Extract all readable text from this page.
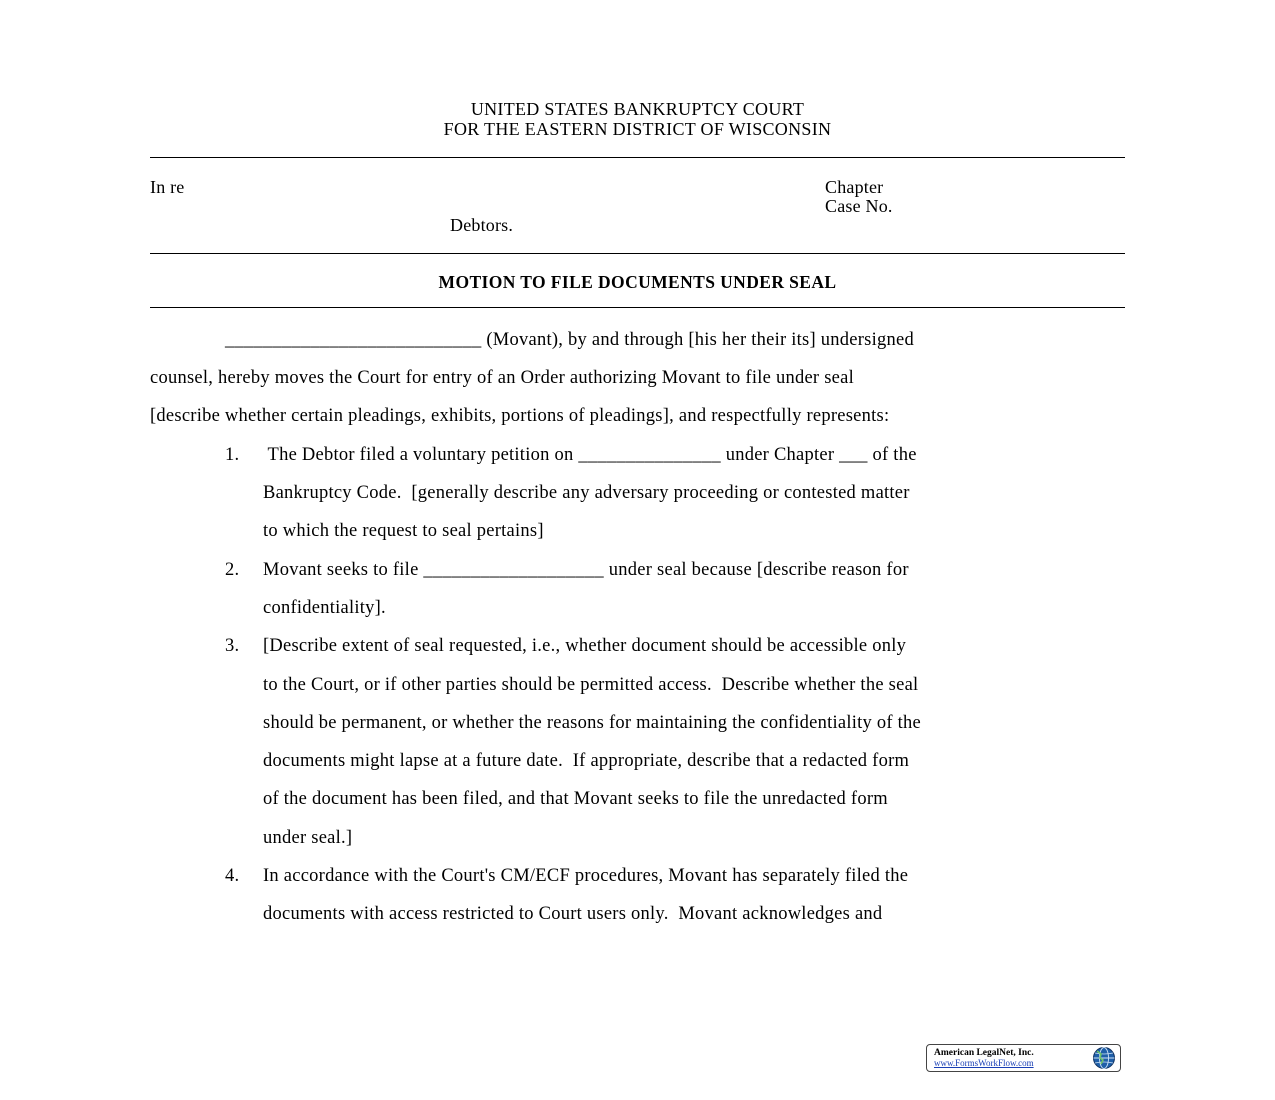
UNITED STATES BANKRUPTCY COURT
FOR THE EASTERN DISTRICT OF WISCONSIN
In re	Chapter
Case No.
Debtors.
MOTION TO FILE DOCUMENTS UNDER SEAL
___________________________ (Movant), by and through [his her their its] undersigned
counsel, hereby moves the Court for entry of an Order authorizing Movant to file under seal
[describe whether certain pleadings, exhibits, portions of pleadings], and respectfully represents:
1. The Debtor filed a voluntary petition on _______________ under Chapter ___ of the
Bankruptcy Code.  [generally describe any adversary proceeding or contested matter
to which the request to seal pertains]
2. Movant seeks to file ___________________ under seal because [describe reason for
confidentiality].
3. [Describe extent of seal requested, i.e., whether document should be accessible only
to the Court, or if other parties should be permitted access.  Describe whether the seal
should be permanent, or whether the reasons for maintaining the confidentiality of the
documents might lapse at a future date.  If appropriate, describe that a redacted form
of the document has been filed, and that Movant seeks to file the unredacted form
under seal.]
4. In accordance with the Court's CM/ECF procedures, Movant has separately filed the
documents with access restricted to Court users only.  Movant acknowledges and
American LegalNet, Inc.
www.FormsWorkFlow.com
